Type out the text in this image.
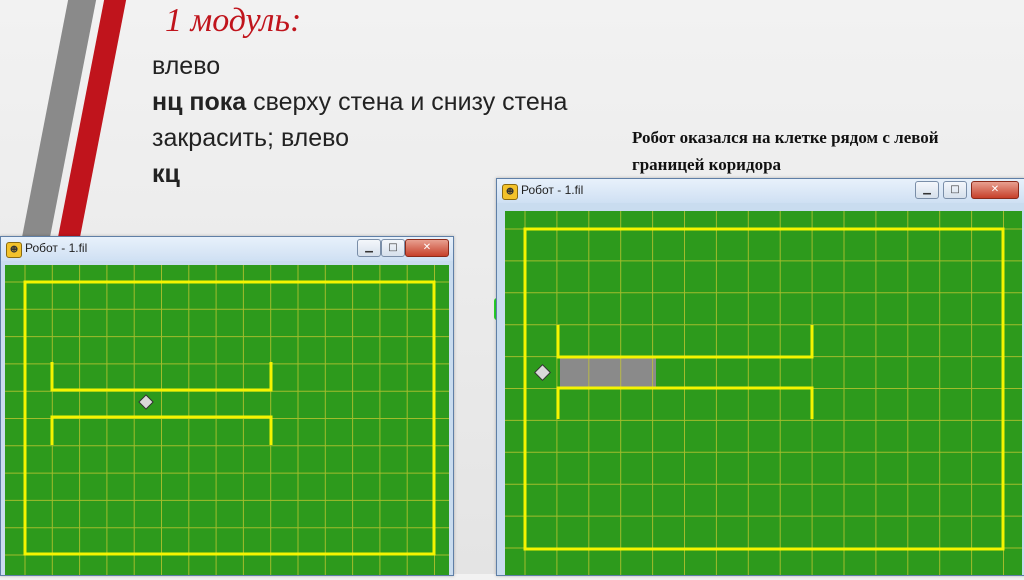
1 модуль:
влево
нц пока сверху стена и снизу стена
закрасить; влево
кц
Робот оказался на клетке рядом с левой
границей коридора
☻ Робот - 1.fil	▁	□	✕
☻ Робот - 1.fil	▁	□	✕
